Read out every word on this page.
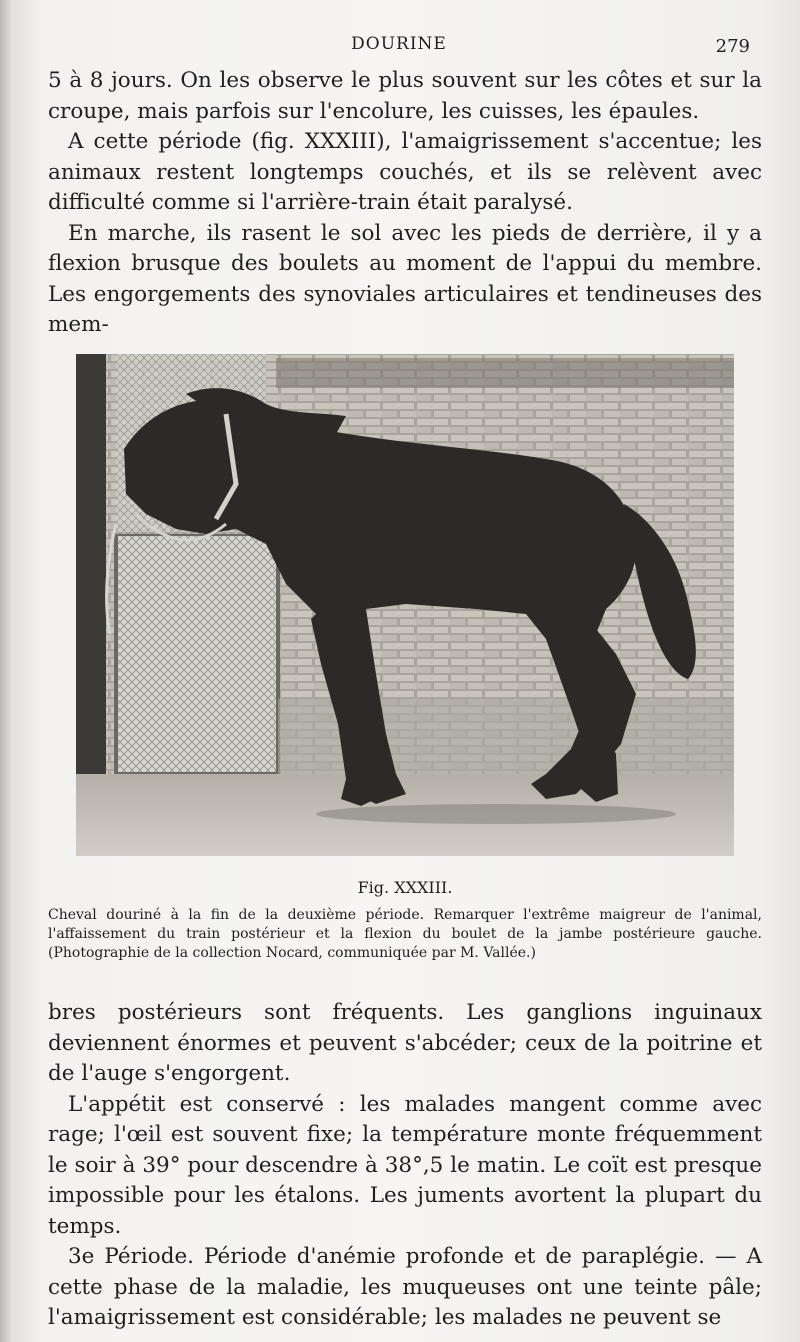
DOURINE	279

5 à 8 jours. On les observe le plus souvent sur les côtes et sur la croupe, mais parfois sur l'encolure, les cuisses, les épaules.

A cette période (fig. XXXIII), l'amaigrissement s'accentue; les animaux restent longtemps couchés, et ils se relèvent avec difficulté comme si l'arrière-train était paralysé.

En marche, ils rasent le sol avec les pieds de derrière, il y a flexion brusque des boulets au moment de l'appui du membre. Les engorgements des synoviales articulaires et tendineuses des mem-

Fig. XXXIII.
Cheval douriné à la fin de la deuxième période. Remarquer l'extrême maigreur de l'animal, l'affaissement du train postérieur et la flexion du boulet de la jambe postérieure gauche. (Photographie de la collection Nocard, communiquée par M. Vallée.)

bres postérieurs sont fréquents. Les ganglions inguinaux deviennent énormes et peuvent s'abcéder; ceux de la poitrine et de l'auge s'engorgent.

L'appétit est conservé : les malades mangent comme avec rage; l'œil est souvent fixe; la température monte fréquemment le soir à 39° pour descendre à 38°,5 le matin. Le coït est presque impossible pour les étalons. Les juments avortent la plupart du temps.

3e Période. Période d'anémie profonde et de paraplégie. — A cette phase de la maladie, les muqueuses ont une teinte pâle; l'amaigrissement est considérable; les malades ne peuvent se
